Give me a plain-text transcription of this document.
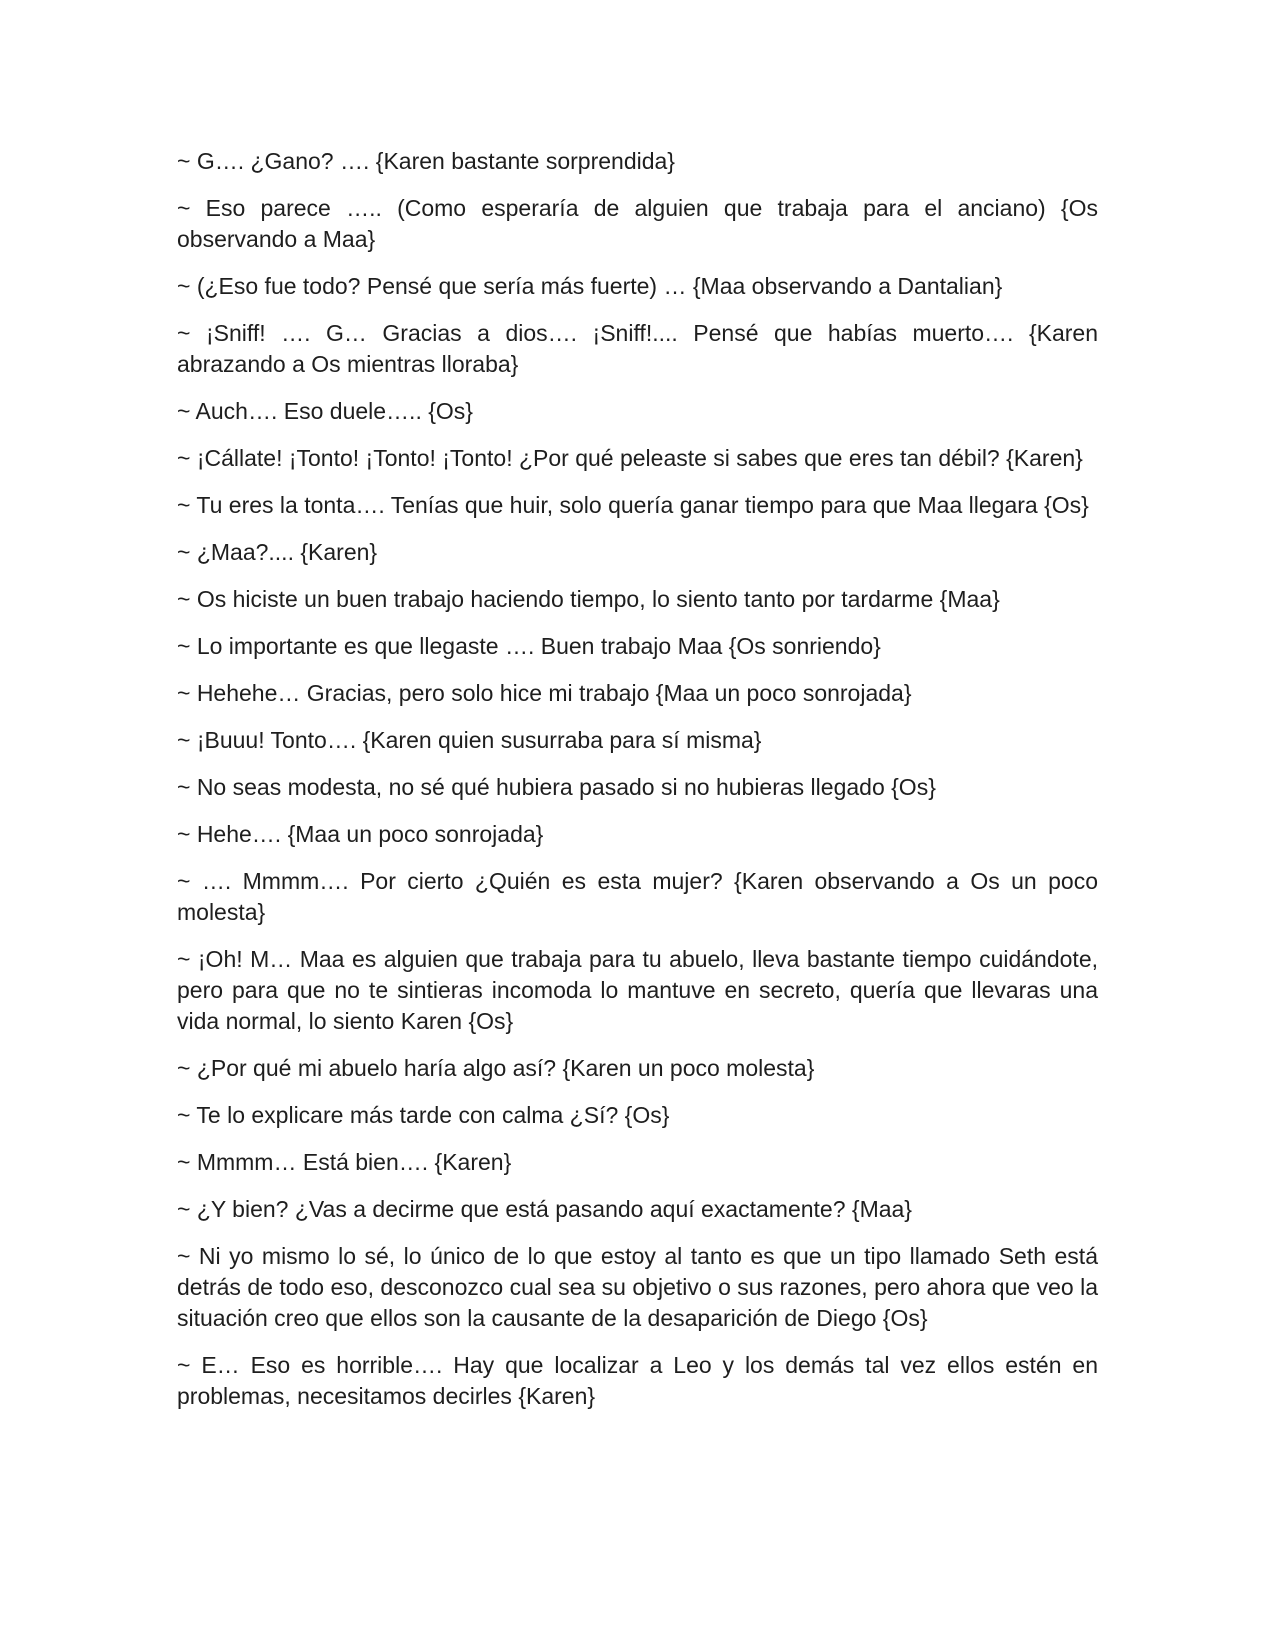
~ G…. ¿Gano? …. {Karen bastante sorprendida}

~ Eso parece ….. (Como esperaría de alguien que trabaja para el anciano) {Os observando a Maa}

~ (¿Eso fue todo? Pensé que sería más fuerte) … {Maa observando a Dantalian}

~ ¡Sniff! …. G… Gracias a dios…. ¡Sniff!.... Pensé que habías muerto…. {Karen abrazando a Os mientras lloraba}

~ Auch…. Eso duele….. {Os}

~ ¡Cállate! ¡Tonto! ¡Tonto! ¡Tonto! ¿Por qué peleaste si sabes que eres tan débil? {Karen}

~ Tu eres la tonta…. Tenías que huir, solo quería ganar tiempo para que Maa llegara {Os}

~ ¿Maa?.... {Karen}

~ Os hiciste un buen trabajo haciendo tiempo, lo siento tanto por tardarme {Maa}

~ Lo importante es que llegaste …. Buen trabajo Maa {Os sonriendo}

~ Hehehe… Gracias, pero solo hice mi trabajo {Maa un poco sonrojada}

~ ¡Buuu! Tonto…. {Karen quien susurraba para sí misma}

~ No seas modesta, no sé qué hubiera pasado si no hubieras llegado {Os}

~ Hehe…. {Maa un poco sonrojada}

~ …. Mmmm…. Por cierto ¿Quién es esta mujer? {Karen observando a Os un poco molesta}

~ ¡Oh! M… Maa es alguien que trabaja para tu abuelo, lleva bastante tiempo cuidándote, pero para que no te sintieras incomoda lo mantuve en secreto, quería que llevaras una vida normal, lo siento Karen {Os}

~ ¿Por qué mi abuelo haría algo así? {Karen un poco molesta}

~ Te lo explicare más tarde con calma ¿Sí? {Os}

~ Mmmm… Está bien…. {Karen}

~ ¿Y bien? ¿Vas a decirme que está pasando aquí exactamente? {Maa}

~ Ni yo mismo lo sé, lo único de lo que estoy al tanto es que un tipo llamado Seth está detrás de todo eso, desconozco cual sea su objetivo o sus razones, pero ahora que veo la situación creo que ellos son la causante de la desaparición de Diego {Os}

~ E… Eso es horrible…. Hay que localizar a Leo y los demás tal vez ellos estén en problemas, necesitamos decirles {Karen}
